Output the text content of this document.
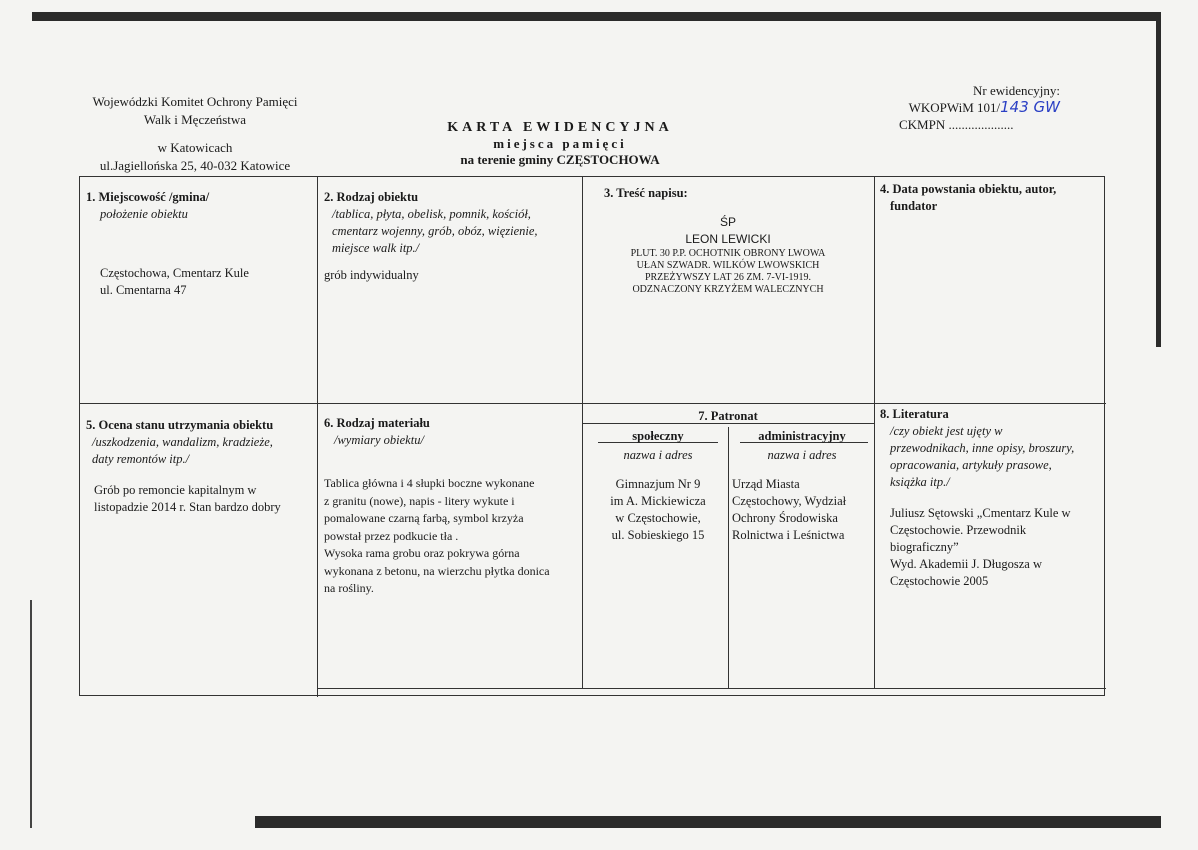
Wojewódzki Komitet Ochrony Pamięci
Walk i Męczeństwa
w Katowicach
ul.Jagiellońska 25, 40-032 Katowice
KARTA EWIDENCYJNA
miejsca pamięci
na terenie gminy CZĘSTOCHOWA
Nr ewidencyjny:
WKOPWiM 101/143 GW
CKMPN ....................
1. Miejscowość /gmina/
położenie obiektu
Częstochowa, Cmentarz Kule
ul. Cmentarna 47
2. Rodzaj obiektu
/tablica, płyta, obelisk, pomnik, kościół,
cmentarz wojenny, grób, obóz, więzienie,
miejsce walk itp./
grób indywidualny
3. Treść napisu:
ŚP
LEON LEWICKI
PLUT. 30 P.P. OCHOTNIK OBRONY LWOWA
UŁAN SZWADR. WILKÓW LWOWSKICH
PRZEŻYWSZY LAT 26 ZM. 7-VI-1919.
ODZNACZONY KRZYŻEM WALECZNYCH
4. Data powstania obiektu, autor,
fundator
5. Ocena stanu utrzymania obiektu
/uszkodzenia, wandalizm, kradzieże,
daty remontów itp./
Grób po remoncie kapitalnym w
listopadzie 2014 r. Stan bardzo dobry
6. Rodzaj materiału
/wymiary obiektu/
Tablica główna i 4 słupki boczne wykonane
z granitu (nowe), napis - litery wykute i
pomalowane czarną farbą, symbol krzyża
powstał przez podkucie tła .
Wysoka rama grobu oraz pokrywa górna
wykonana z betonu, na wierzchu płytka donica
na rośliny.
7. Patronat
społeczny
nazwa i adres
Gimnazjum Nr 9
im A. Mickiewicza
w Częstochowie,
ul. Sobieskiego 15
administracyjny
nazwa i adres
Urząd Miasta
Częstochowy, Wydział
Ochrony Środowiska
Rolnictwa i Leśnictwa
8. Literatura
/czy obiekt jest ujęty w
przewodnikach, inne opisy, broszury,
opracowania, artykuły prasowe,
książka itp./
Juliusz Sętowski „Cmentarz Kule w
Częstochowie. Przewodnik
biograficzny”
Wyd. Akademii J. Długosza w
Częstochowie 2005
